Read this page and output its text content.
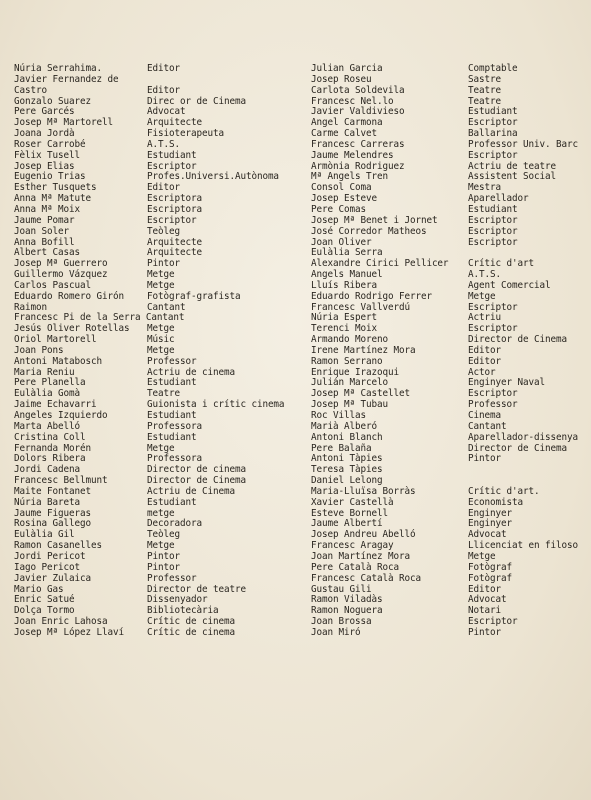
Núria Serrahima.	Editor
Javier Fernandez de
Castro	Editor
Gonzalo Suarez	Direc or de Cinema
Pere Garcés	Advocat
Josep Mª Martorell	Arquitecte
Joana Jordà	Fisioterapeuta
Roser Carrobé	A.T.S.
Fèlix Tusell	Estudiant
Josep Elias	Escriptor
Eugenio Trias	Profes.Universi.Autònoma
Esther Tusquets	Editor
Anna Mª Matute	Escriptora
Anna Mª Moix	Escriptora
Jaume Pomar	Escriptor
Joan Soler	Teòleg
Anna Bofill	Arquitecte
Albert Casas	Arquitecte
Josep Mª Guerrero	Pintor
Guillermo Vázquez	Metge
Carlos Pascual	Metge
Eduardo Romero Girón Fotògraf-grafista
Raimon	Cantant
Francesc Pi de la Serra Cantant
Jesús Oliver Rotellas Metge
Oriol Martorell	Músic
Joan Pons	Metge
Antoni Matabosch	Professor
Maria Reniu	Actriu de cinema
Pere Planella	Estudiant
Eulàlia Gomà	Teatre
Jaime Echavarri	Guionista i crític cinema
Angeles Izquierdo	Estudiant
Marta Abelló	Professora
Cristina Coll	Estudiant
Fernanda Morén	Metge
Dolors Ribera	Professora
Jordi Cadena	Director de cinema
Francesc Bellmunt	Director de Cinema
Maite Fontanet	Actriu de Cinema
Núria Bareta	Estudiant
Jaume Figueras	metge
Rosina Gallego	Decoradora
Eulàlia Gil	Teòleg
Ramon Casanelles	Metge
Jordi Pericot	Pintor
Iago Pericot	Pintor
Javier Zulaica	Professor
Mario Gas	Director de teatre
Enric Satué	Dissenyador
Dolça Tormo	Bibliotecària
Joan Enric Lahosa	Crític de cinema
Josep Mª López Llaví Crític de cinema
Julian Garcia	Comptable
Josep Roseu	Sastre
Carlota Soldevila	Teatre
Francesc Nel.lo	Teatre
Javier Valdivieso	Estudiant
Angel Carmona	Escriptor
Carme Calvet	Ballarina
Francesc Carreras	Professor Univ. Barc
Jaume Melendres	Escriptor
Armònia Rodriguez	Actriu de teatre
Mª Angels Tren	Assistent Social
Consol Coma	Mestra
Josep Esteve	Aparellador
Pere Comas	Estudiant
Josep Mª Benet i Jornet	Escriptor
José Corredor Matheos	Escriptor
Joan Oliver	Escriptor
Eulàlia Serra
Alexandre Cirici Pellicer Crític d'art
Angels Manuel	A.T.S.
Lluís Ribera	Agent Comercial
Eduardo Rodrigo Ferrer	Metge
Francesc Vallverdú	Escriptor
Núria Espert	Actriu
Terenci Moix	Escriptor
Armando Moreno	Director de Cinema
Irene Martínez Mora	Editor
Ramon Serrano	Editor
Enrique Irazoqui	Actor
Julián Marcelo	Enginyer Naval
Josep Mª Castellet	Escriptor
Josep Mª Tubau	Professor
Roc Villas	Cinema
Marià Alberó	Cantant
Antoni Blanch	Aparellador-dissenya
Pere Balaña	Director de Cinema
Antoni Tàpies	Pintor
Teresa Tàpies
Daniel Lelong
Maria-Lluïsa Borràs	Crític d'art.
Xavier Castellà	Economista
Esteve Bornell	Enginyer
Jaume Albertí	Enginyer
Josep Andreu Abelló	Advocat
Francesc Aragay	Llicenciat en filoso
Joan Martínez Mora	Metge
Pere Català Roca	Fotògraf
Francesc Català Roca	Fotògraf
Gustau Gili	Editor
Ramon Viladàs	Advocat
Ramon Noguera	Notari
Joan Brossa	Escriptor
Joan Miró	Pintor
